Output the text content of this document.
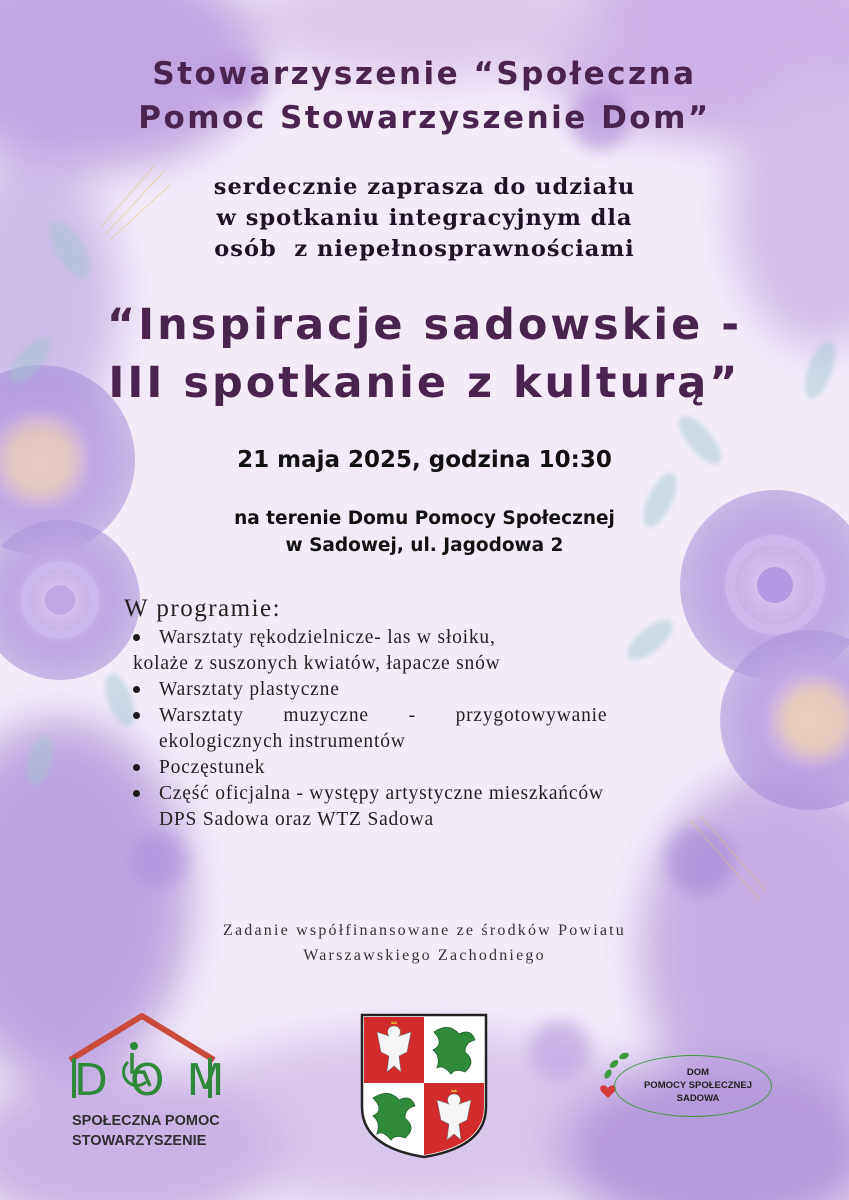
Stowarzyszenie “Społeczna
Pomoc Stowarzyszenie Dom”
serdecznie zaprasza do udziału
w spotkaniu integracyjnym dla
osób  z niepełnosprawnościami
“Inspiracje sadowskie -
III spotkanie z kulturą”
21 maja 2025, godzina 10:30
na terenie Domu Pomocy Społecznej
w Sadowej, ul. Jagodowa 2
W programie:
Warsztaty rękodzielnicze- las w słoiku,
kolaże z suszonych kwiatów, łapacze snów
Warsztaty plastyczne
Warsztaty       muzyczne       -       przygotowywanie
ekologicznych instrumentów
Poczęstunek
Część oficjalna - występy artystyczne mieszkańców
DPS Sadowa oraz WTZ Sadowa
Zadanie współfinansowane ze środków Powiatu
Warszawskiego Zachodniego
DOM
SPOŁECZNA POMOC
STOWARZYSZENIE
DOM
POMOCY SPOŁECZNEJ
SADOWA
